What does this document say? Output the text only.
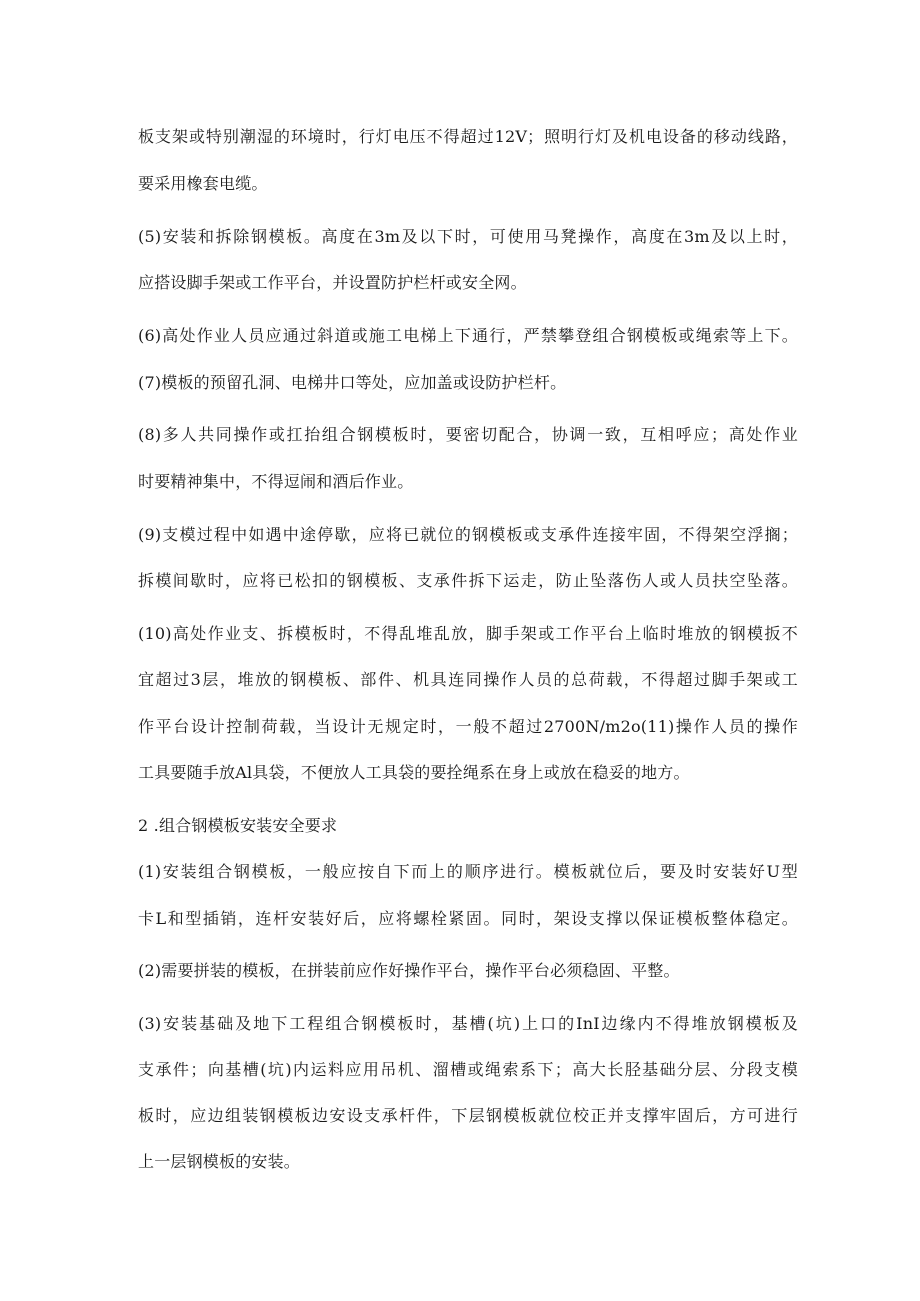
板支架或特别潮湿的环境时，行灯电压不得超过12V；照明行灯及机电设备的移动线路，
要采用橡套电缆。
(5)安装和拆除钢模板。高度在3m及以下时，可使用马凳操作，高度在3m及以上时，
应搭设脚手架或工作平台，并设置防护栏杆或安全网。
(6)高处作业人员应通过斜道或施工电梯上下通行，严禁攀登组合钢模板或绳索等上下。
(7)模板的预留孔洞、电梯井口等处，应加盖或设防护栏杆。
(8)多人共同操作或扛抬组合钢模板时，要密切配合，协调一致，互相呼应；高处作业
时要精神集中，不得逗闹和酒后作业。
(9)支模过程中如遇中途停歇，应将已就位的钢模板或支承件连接牢固，不得架空浮搁；
拆模间歇时，应将已松扣的钢模板、支承件拆下运走，防止坠落伤人或人员扶空坠落。
(10)高处作业支、拆模板时，不得乱堆乱放，脚手架或工作平台上临时堆放的钢模扳不
宜超过3层，堆放的钢模板、部件、机具连同操作人员的总荷载，不得超过脚手架或工
作平台设计控制荷载，当设计无规定时，一般不超过2700N/m2o(11)操作人员的操作
工具要随手放Al具袋，不便放人工具袋的要拴绳系在身上或放在稳妥的地方。
2 .组合钢模板安装安全要求
(1)安装组合钢模板，一般应按自下而上的顺序进行。模板就位后，要及时安装好U型
卡L和型插销，连杆安装好后，应将螺栓紧固。同时，架设支撑以保证模板整体稳定。
(2)需要拼装的模板，在拼装前应作好操作平台，操作平台必须稳固、平整。
(3)安装基础及地下工程组合钢模板时，基槽(坑)上口的InI边缘内不得堆放钢模板及
支承件；向基槽(坑)内运料应用吊机、溜槽或绳索系下；高大长胫基础分层、分段支模
板时，应边组装钢模板边安设支承杆件，下层钢模板就位校正并支撑牢固后，方可进行
上一层钢模板的安装。
